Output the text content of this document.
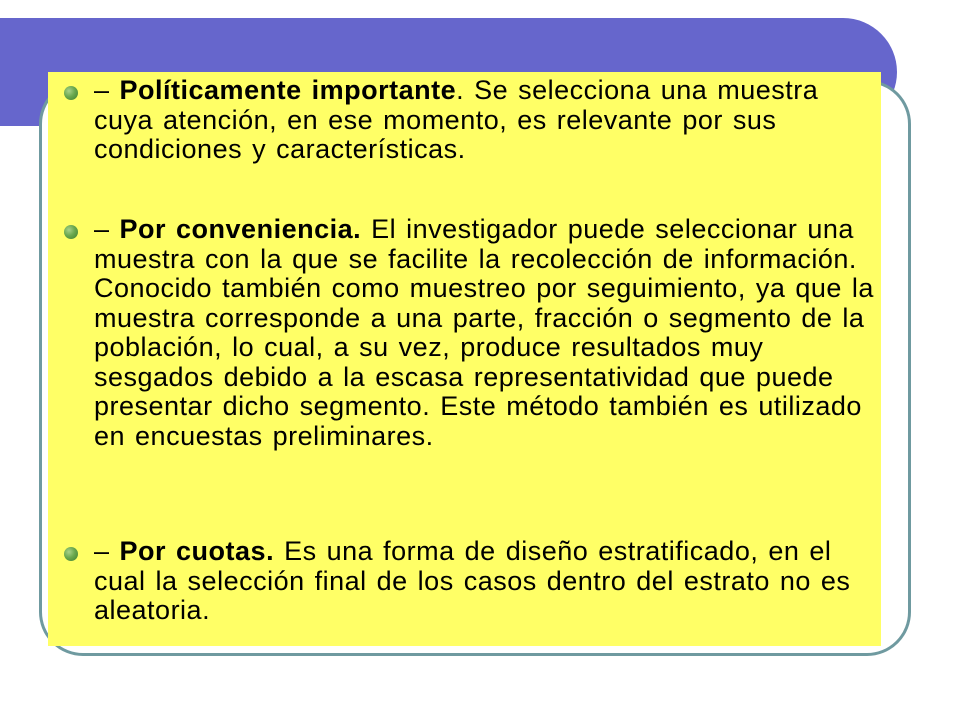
– Políticamente importante. Se selecciona una muestra cuya atención, en ese momento, es relevante por sus condiciones y características.
– Por conveniencia. El investigador puede seleccionar una muestra con la que se facilite la recolección de información. Conocido también como muestreo por seguimiento, ya que la muestra corresponde a una parte, fracción o segmento de la población, lo cual, a su vez, produce resultados muy sesgados debido a la escasa representatividad que puede presentar dicho segmento. Este método también es utilizado en encuestas preliminares.
– Por cuotas. Es una forma de diseño estratificado, en el cual la selección final de los casos dentro del estrato no es aleatoria.
